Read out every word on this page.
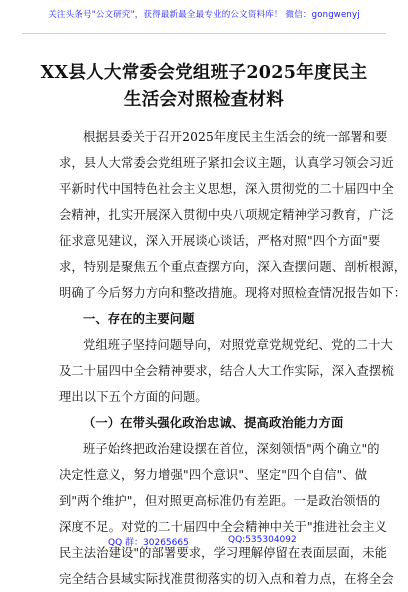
关注头条号"公文研究"，获得最新最全最专业的公文资料库！ 微信：gongwenyj
XX县人大常委会党组班子2025年度民主
生活会对照检查材料
根据县委关于召开2025年度民主生活会的统一部署和要
求，县人大常委会党组班子紧扣会议主题，认真学习领会习近
平新时代中国特色社会主义思想，深入贯彻党的二十届四中全
会精神，扎实开展深入贯彻中央八项规定精神学习教育，广泛
征求意见建议，深入开展谈心谈话，严格对照"四个方面"要
求，特别是聚焦五个重点查摆方向，深入查摆问题、剖析根源，
明确了今后努力方向和整改措施。现将对照检查情况报告如下：
一、存在的主要问题
党组班子坚持问题导向，对照党章党规党纪、党的二十大
及二十届四中全会精神要求，结合人大工作实际，深入查摆梳
理出以下五个方面的问题。
（一）在带头强化政治忠诚、提高政治能力方面
班子始终把政治建设摆在首位，深刻领悟"两个确立"的
决定性意义，努力增强"四个意识"、坚定"四个自信"、做
到"两个维护"，但对照更高标准仍有差距。一是政治领悟的
深度不足。对党的二十届四中全会精神中关于"推进社会主义
民主法治建设"的部署要求，学习理解停留在表面层面，未能
完全结合县域实际找准贯彻落实的切入点和着力点，在将全会
QQ 群：30265665	QQ:535304092
